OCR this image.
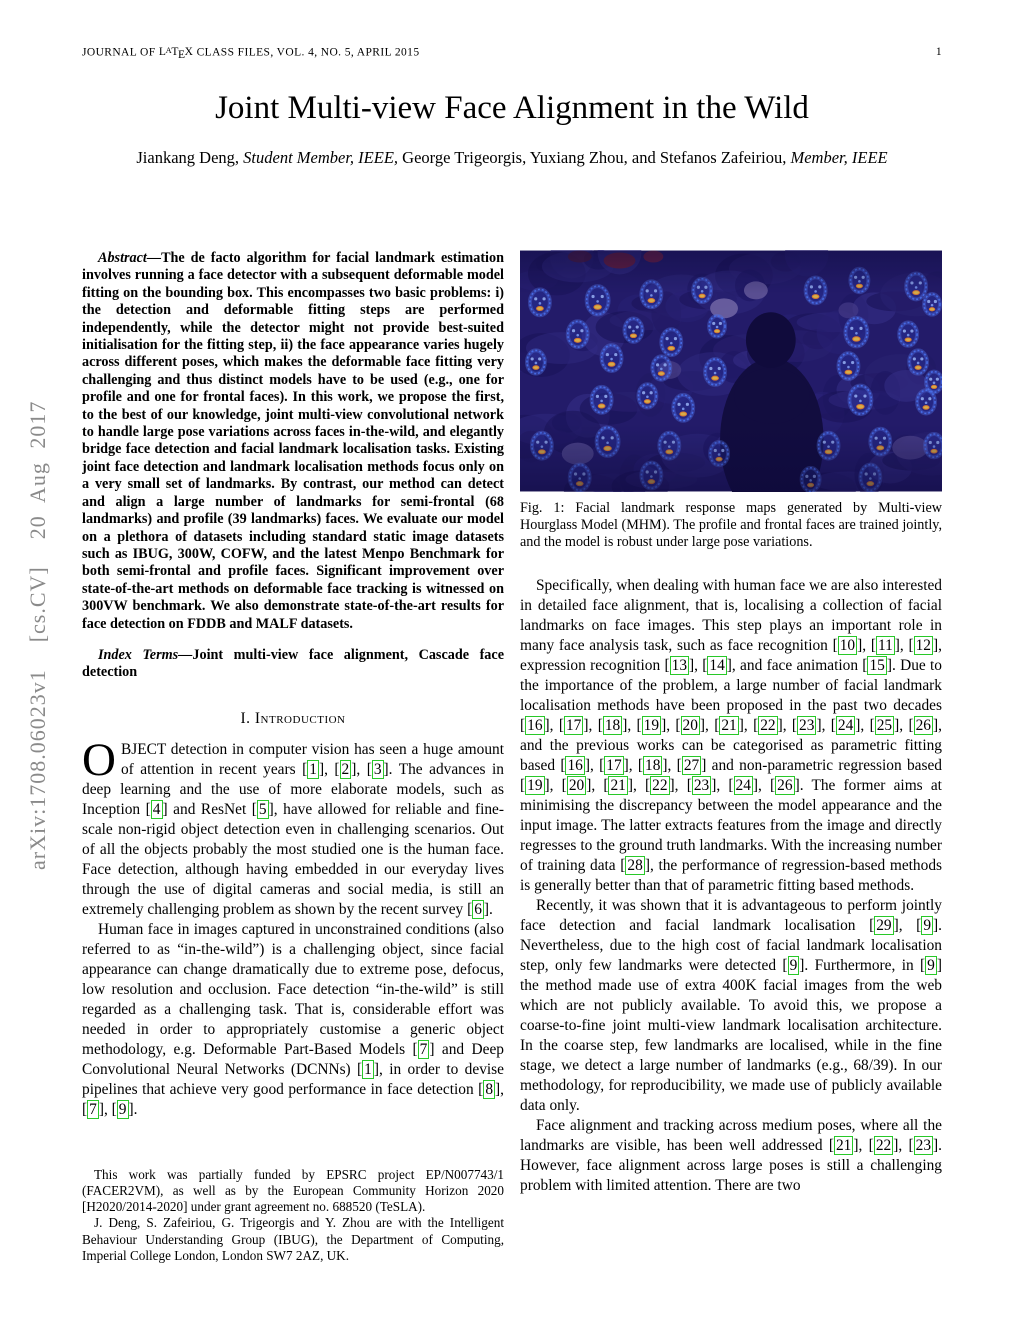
JOURNAL OF $L^ATEX$ CLASS FILES, VOL. 4, NO. 5, APRIL 2015	1
Joint Multi-view Face Alignment in the Wild
Jiankang Deng, Student Member, IEEE, George Trigeorgis, Yuxiang Zhou, and Stefanos Zafeiriou, Member, IEEE
arXiv:1708.06023v1  [cs.CV]  20 Aug 2017

Abstract—The de facto algorithm for facial landmark estimation involves running a face detector with a subsequent deformable model fitting on the bounding box. This encompasses two basic problems: i) the detection and deformable fitting steps are performed independently, while the detector might not provide best-suited initialisation for the fitting step, ii) the face appearance varies hugely across different poses, which makes the deformable face fitting very challenging and thus distinct models have to be used (e.g., one for profile and one for frontal faces). In this work, we propose the first, to the best of our knowledge, joint multi-view convolutional network to handle large pose variations across faces in-the-wild, and elegantly bridge face detection and facial landmark localisation tasks. Existing joint face detection and landmark localisation methods focus only on a very small set of landmarks. By contrast, our method can detect and align a large number of landmarks for semi-frontal (68 landmarks) and profile (39 landmarks) faces. We evaluate our model on a plethora of datasets including standard static image datasets such as IBUG, 300W, COFW, and the latest Menpo Benchmark for both semi-frontal and profile faces. Significant improvement over state-of-the-art methods on deformable face tracking is witnessed on 300VW benchmark. We also demonstrate state-of-the-art results for face detection on FDDB and MALF datasets.

Index Terms—Joint multi-view face alignment, Cascade face detection

I. Introduction

OBJECT detection in computer vision has seen a huge amount of attention in recent years [ 1 ], [ 2 ], [ 3 ]. The advances in deep learning and the use of more elaborate models, such as Inception [ 4 ] and ResNet [ 5 ], have allowed for reliable and fine-scale non-rigid object detection even in challenging scenarios. Out of all the objects probably the most studied one is the human face. Face detection, although having embedded in our everyday lives through the use of digital cameras and social media, is still an extremely challenging problem as shown by the recent survey [ 6 ].

Human face in images captured in unconstrained conditions (also referred to as “in-the-wild”) is a challenging object, since facial appearance can change dramatically due to extreme pose, defocus, low resolution and occlusion. Face detection “in-the-wild” is still regarded as a challenging task. That is, considerable effort was needed in order to appropriately customise a generic object methodology, e.g. Deformable Part-Based Models [ 7 ] and Deep Convolutional Neural Networks (DCNNs) [ 1 ], in order to devise pipelines that achieve very good performance in face detection [ 8 ], [ 7 ], [ 9 ].

This work was partially funded by EPSRC project EP/N007743/1 (FACER2VM), as well as by the European Community Horizon 2020 [H2020/2014-2020] under grant agreement no. 688520 (TeSLA).

J. Deng, S. Zafeiriou, G. Trigeorgis and Y. Zhou are with the Intelligent Behaviour Understanding Group (IBUG), the Department of Computing, Imperial College London, London SW7 2AZ, UK.

Fig. 1: Facial landmark response maps generated by Multi-view Hourglass Model (MHM). The profile and frontal faces are trained jointly, and the model is robust under large pose variations.

Specifically, when dealing with human face we are also interested in detailed face alignment, that is, localising a collection of facial landmarks on face images. This step plays an important role in many face analysis task, such as face recognition [ 10 ], [ 11 ], [ 12 ], expression recognition [ 13 ], [ 14 ], and face animation [ 15 ]. Due to the importance of the problem, a large number of facial landmark localisation methods have been proposed in the past two decades [ 16 ], [ 17 ], [ 18 ], [ 19 ], [ 20 ], [ 21 ], [ 22 ], [ 23 ], [ 24 ], [ 25 ], [ 26 ], and the previous works can be categorised as parametric fitting based [ 16 ], [ 17 ], [ 18 ], [ 27 ] and non-parametric regression based [ 19 ], [ 20 ], [ 21 ], [ 22 ], [ 23 ], [ 24 ], [ 26 ]. The former aims at minimising the discrepancy between the model appearance and the input image. The latter extracts features from the image and directly regresses to the ground truth landmarks. With the increasing number of training data [ 28 ], the performance of regression-based methods is generally better than that of parametric fitting based methods.

Recently, it was shown that it is advantageous to perform jointly face detection and facial landmark localisation [ 29 ], [ 9 ]. Nevertheless, due to the high cost of facial landmark localisation step, only few landmarks were detected [ 9 ]. Furthermore, in [ 9 ] the method made use of extra 400K facial images from the web which are not publicly available. To avoid this, we propose a coarse-to-fine joint multi-view landmark localisation architecture. In the coarse step, few landmarks are localised, while in the fine stage, we detect a large number of landmarks (e.g., 68/39). In our methodology, for reproducibility, we made use of publicly available data only.

Face alignment and tracking across medium poses, where all the landmarks are visible, has been well addressed [ 21 ], [ 22 ], [ 23 ]. However, face alignment across large poses is still a challenging problem with limited attention. There are two
